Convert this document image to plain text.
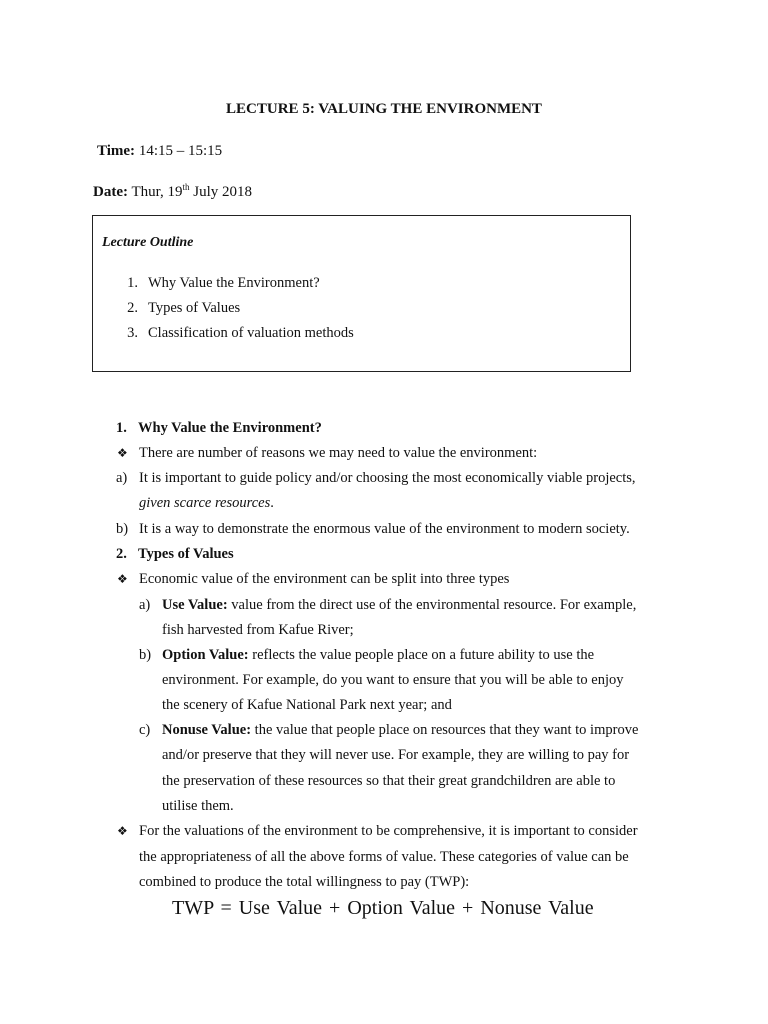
LECTURE 5: VALUING THE ENVIRONMENT
Time: 14:15 – 15:15
Date: Thur, 19th July 2018
Lecture Outline
1. Why Value the Environment?
2. Types of Values
3. Classification of valuation methods
1. Why Value the Environment?
❖ There are number of reasons we may need to value the environment:
a) It is important to guide policy and/or choosing the most economically viable projects,
given scarce resources.
b) It is a way to demonstrate the enormous value of the environment to modern society.
2. Types of Values
❖ Economic value of the environment can be split into three types
a) Use Value: value from the direct use of the environmental resource. For example,
fish harvested from Kafue River;
b) Option Value: reflects the value people place on a future ability to use the
environment. For example, do you want to ensure that you will be able to enjoy
the scenery of Kafue National Park next year; and
c) Nonuse Value: the value that people place on resources that they want to improve
and/or preserve that they will never use. For example, they are willing to pay for
the preservation of these resources so that their great grandchildren are able to
utilise them.
❖ For the valuations of the environment to be comprehensive, it is important to consider
the appropriateness of all the above forms of value. These categories of value can be
combined to produce the total willingness to pay (TWP):
TWP = Use Value + Option Value + Nonuse Value
